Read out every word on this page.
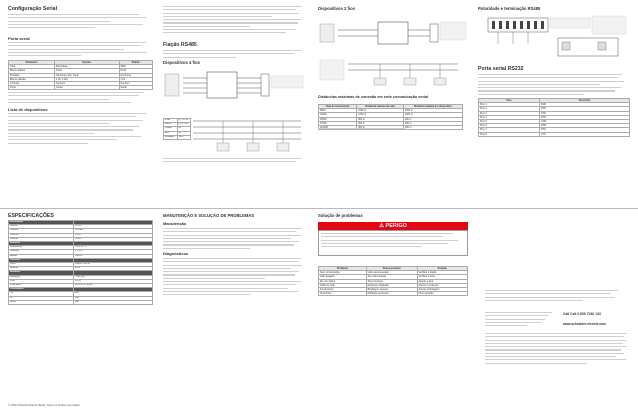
Configuração Serial
Porta serial
Parâmetro	Opções	Padrão
Taxa	Baud Rate	9600
Bits de Dados	8 bits	8 bits
Paridade	Nenhuma, Par, Ímpar	Nenhuma
Bits de parada	1 bit, 2 bits	1 bit
Controle	Nenhum	Nenhum
Porta	Serial	Serial
Lista de dispositivos
Fiação RS485
Dispositivos 4 fios
Verde	(+) Tx / Rx
Branco	(-) Tx / Rx
Laranja	Rx
Azul	Rx
Blindagem	Terra
Dispositivos 2 fios
Distâncias máximas de conexão em rede comunicação serial
Taxa de transmissão	Distância máxima da rede	Distância máxima por dispositivo
9600	1200 m	1200 m
19200	1200 m	1200 m
38400	600 m	600 m
57600	600 m	600 m
		300 m
Polaridade e terminação RS485
Porta serial RS232
Pino	Descrição
Pino 1	DCD
Pino 2	RXD
Pino 3	TXD
Pino 4	DTR
Pino 5	GND
Pino 6	DSR
Pino 7	RTS
Pino 8	CTS
ESPECIFICAÇÕES
Alimentação	
Tensão	24 Vcc
Corrente	100 mA
Potência	2,4 W
Isolação	1500 V
Ambiente	
Temperatura	-20 a 70 °C
Umidade	5 a 95 %
Altitude	2000 m
Conexões	
Serial	RS485 / RS232
Ethernet	RJ45
Mecânico	
Montagem	Trilho DIN
Peso	150 g
Dimensões	100 x 35 x 75 mm
Certificações	
CE	Sim
UL	Sim
RoHS	Sim
MANUTENÇÃO E SOLUÇÃO DE PROBLEMAS
Manutenção
Diagnósticos
Solução de problemas
⚠ PERIGO
Problema	Causa provável	Solução
Sem comunicação	Cabo desconectado	Verificar a fiação
LED apagado	Sem alimentação	Verificar a fonte
Erro de dados	Taxa incorreta	Ajustar a taxa
Falha de rede	Endereço duplicado	Alterar o endereço
Interferência	Blindagem ausente	Aterrar a blindagem
Sinal fraco	Distância excessiva	Usar repetidor
Call Cell 0 800 7240 133
www.schneider-electric.com
© 2009 Schneider Electric Brasil. Todos os direitos reservados.
